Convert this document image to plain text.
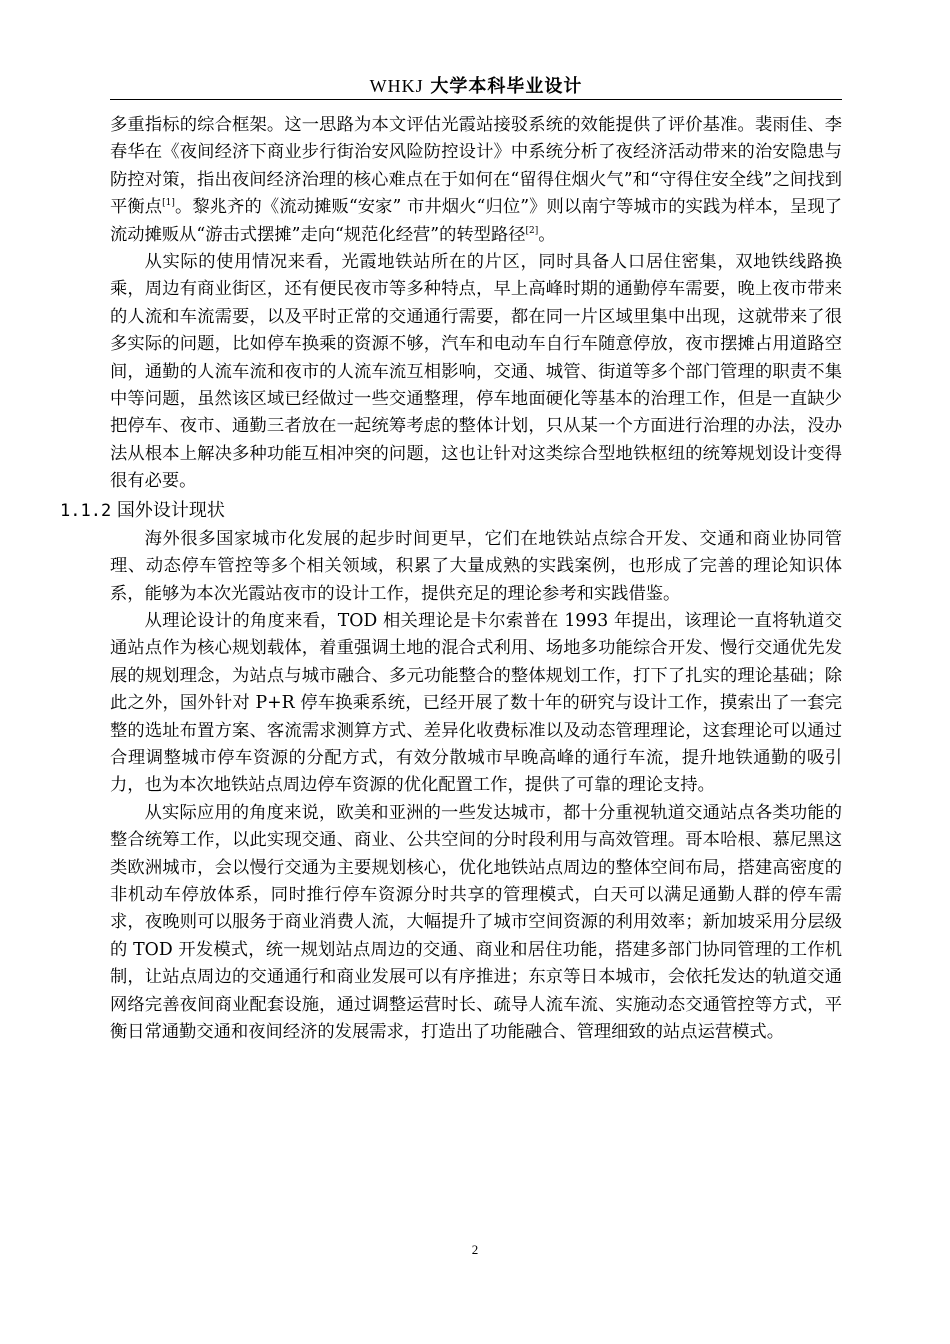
WHKJ 大学本科毕业设计

多重指标的综合框架。这一思路为本文评估光霞站接驳系统的效能提供了评价基准。裴雨佳、李春华在《夜间经济下商业步行街治安风险防控设计》中系统分析了夜经济活动带来的治安隐患与防控对策，指出夜间经济治理的核心难点在于如何在“留得住烟火气”和“守得住安全线”之间找到平衡点[1]。黎兆齐的《流动摊贩“安家” 市井烟火“归位”》则以南宁等城市的实践为样本，呈现了流动摊贩从“游击式摆摊”走向“规范化经营”的转型路径[2]。

从实际的使用情况来看，光霞地铁站所在的片区，同时具备人口居住密集，双地铁线路换乘，周边有商业街区，还有便民夜市等多种特点，早上高峰时期的通勤停车需要，晚上夜市带来的人流和车流需要，以及平时正常的交通通行需要，都在同一片区域里集中出现，这就带来了很多实际的问题，比如停车换乘的资源不够，汽车和电动车自行车随意停放，夜市摆摊占用道路空间，通勤的人流车流和夜市的人流车流互相影响，交通、城管、街道等多个部门管理的职责不集中等问题，虽然该区域已经做过一些交通整理，停车地面硬化等基本的治理工作，但是一直缺少把停车、夜市、通勤三者放在一起统筹考虑的整体计划，只从某一个方面进行治理的办法，没办法从根本上解决多种功能互相冲突的问题，这也让针对这类综合型地铁枢纽的统筹规划设计变得很有必要。

1.1.2 国外设计现状

海外很多国家城市化发展的起步时间更早，它们在地铁站点综合开发、交通和商业协同管理、动态停车管控等多个相关领域，积累了大量成熟的实践案例，也形成了完善的理论知识体系，能够为本次光霞站夜市的设计工作，提供充足的理论参考和实践借鉴。

从理论设计的角度来看，TOD 相关理论是卡尔索普在 1993 年提出，该理论一直将轨道交通站点作为核心规划载体，着重强调土地的混合式利用、场地多功能综合开发、慢行交通优先发展的规划理念，为站点与城市融合、多元功能整合的整体规划工作，打下了扎实的理论基础；除此之外，国外针对 P+R 停车换乘系统，已经开展了数十年的研究与设计工作，摸索出了一套完整的选址布置方案、客流需求测算方式、差异化收费标准以及动态管理理论，这套理论可以通过合理调整城市停车资源的分配方式，有效分散城市早晚高峰的通行车流，提升地铁通勤的吸引力，也为本次地铁站点周边停车资源的优化配置工作，提供了可靠的理论支持。

从实际应用的角度来说，欧美和亚洲的一些发达城市，都十分重视轨道交通站点各类功能的整合统筹工作，以此实现交通、商业、公共空间的分时段利用与高效管理。哥本哈根、慕尼黑这类欧洲城市，会以慢行交通为主要规划核心，优化地铁站点周边的整体空间布局，搭建高密度的非机动车停放体系，同时推行停车资源分时共享的管理模式，白天可以满足通勤人群的停车需求，夜晚则可以服务于商业消费人流，大幅提升了城市空间资源的利用效率；新加坡采用分层级的 TOD 开发模式，统一规划站点周边的交通、商业和居住功能，搭建多部门协同管理的工作机制，让站点周边的交通通行和商业发展可以有序推进；东京等日本城市，会依托发达的轨道交通网络完善夜间商业配套设施，通过调整运营时长、疏导人流车流、实施动态交通管控等方式，平衡日常通勤交通和夜间经济的发展需求，打造出了功能融合、管理细致的站点运营模式。

2
